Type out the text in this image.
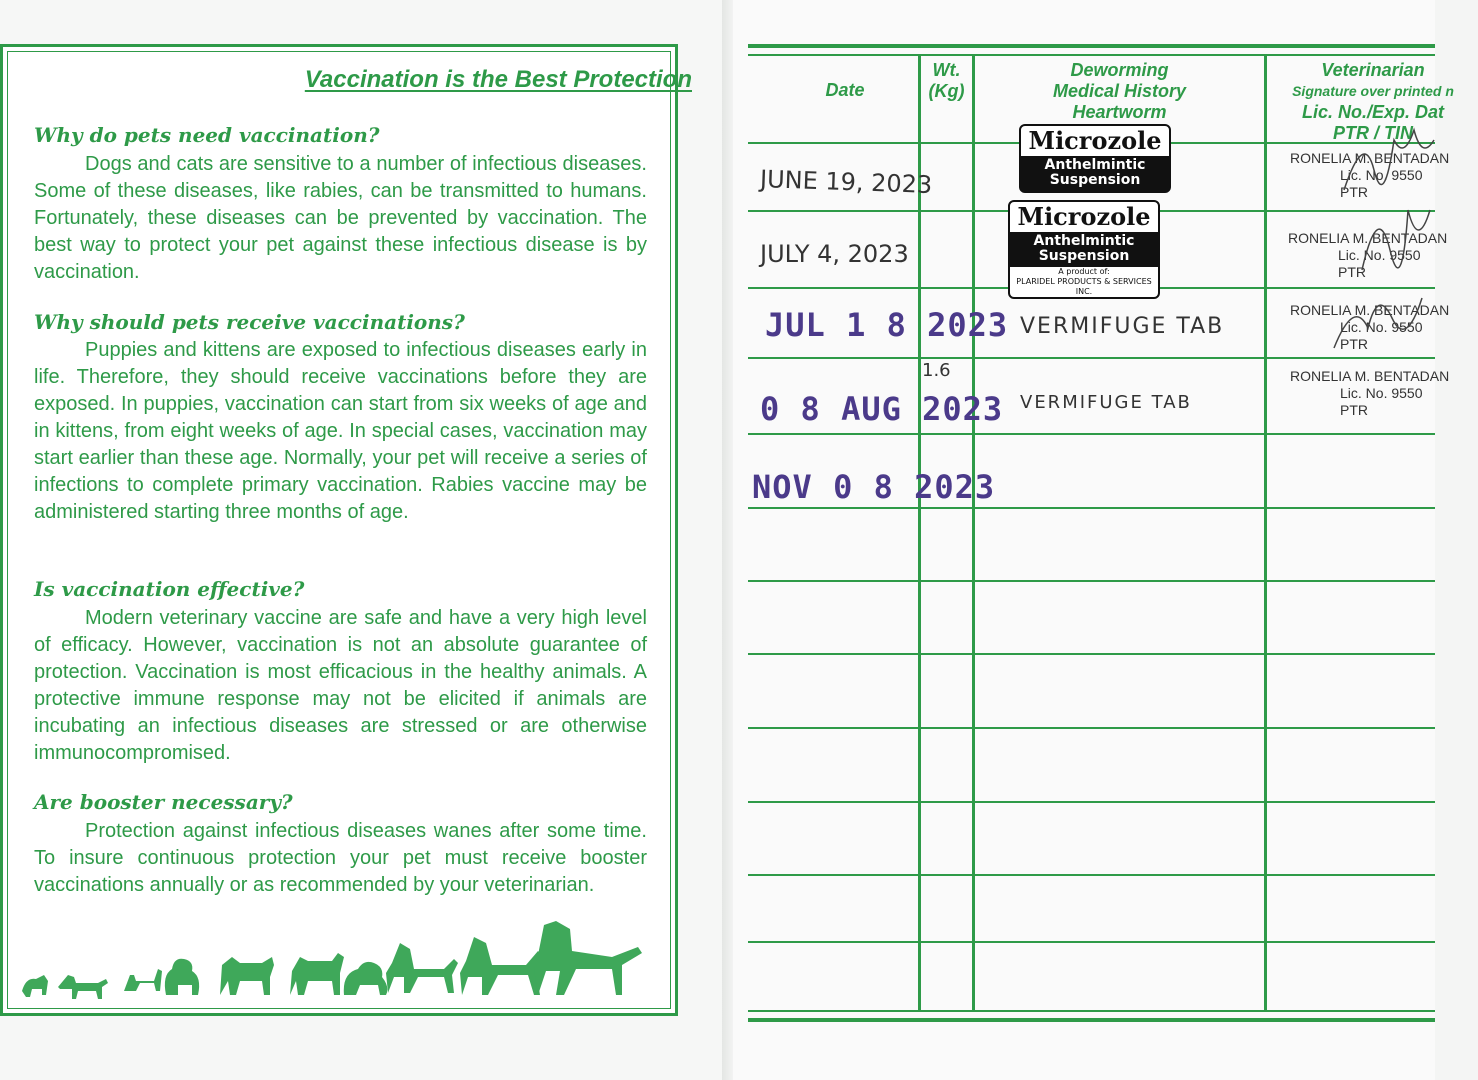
Vaccination is the Best Protection
Why do pets need vaccination?

Dogs and cats are sensitive to a number of infectious diseases. Some of these diseases, like rabies, can be transmitted to humans. Fortunately, these diseases can be prevented by vaccination. The best way to protect your pet against these infectious disease is by vaccination.

Why should pets receive vaccinations?

Puppies and kittens are exposed to infectious diseases early in life. Therefore, they should receive vaccinations before they are exposed. In puppies, vaccination can start from six weeks of age and in kittens, from eight weeks of age. In special cases, vaccination may start earlier than these age. Normally, your pet will receive a series of infections to complete primary vaccination. Rabies vaccine may be administered starting three months of age.

Is vaccination effective?

Modern veterinary vaccine are safe and have a very high level of efficacy. However, vaccination is not an absolute guarantee of protection. Vaccination is most efficacious in the healthy animals. A protective immune response may not be elicited if animals are incubating an infectious diseases are stressed or are otherwise immunocompromised.

Are booster necessary?

Protection against infectious diseases wanes after some time. To insure continuous protection your pet must receive booster vaccinations annually or as recommended by your veterinarian.

Date
Wt.
(Kg)
Deworming
Medical History
Heartworm
Veterinarian
Signature over printed n
Lic. No./Exp. Dat
PTR / TIN
JUNE 19, 2023
Microzole
Anthelmintic
Suspension
RONELIA M. BENTADAN
Lic. No. 9550
PTR
JULY 4, 2023
Microzole
Anthelmintic
Suspension
A product of:
PLARIDEL PRODUCTS & SERVICES INC.
RONELIA M. BENTADAN
Lic. No. 9550
PTR
JUL 1 8 2023 VERMIFUGE TAB
RONELIA M. BENTADAN
Lic. No. 9550
PTR
1.6
0 8 AUG 2023 VERMIFUGE TAB
RONELIA M. BENTADAN
Lic. No. 9550
PTR
NOV 0 8 2023
